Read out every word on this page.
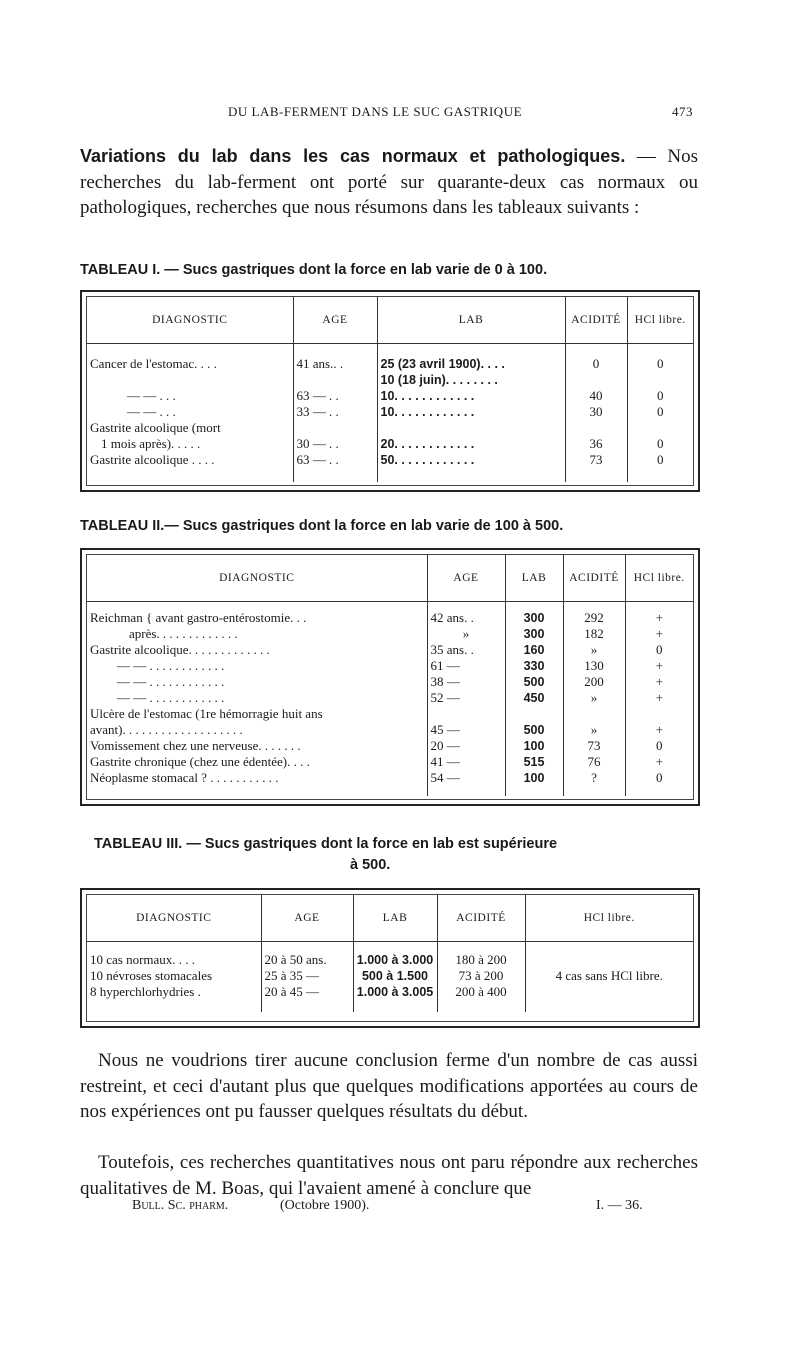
DU LAB-FERMENT DANS LE SUC GASTRIQUE	473
Variations du lab dans les cas normaux et pathologiques. — Nos recherches du lab-ferment ont porté sur quarante-deux cas normaux ou pathologiques, recherches que nous résumons dans les tableaux suivants :
TABLEAU I. — Sucs gastriques dont la force en lab varie de 0 à 100.
DIAGNOSTIC	AGE	LAB	ACIDITÉ	HCl libre.

Cancer de l'estomac. . . .	41 ans.. .	25 (23 avril 1900). . . .	0	0
		10 (18 juin). . . . . . . .		
— — . . .	63 — . .	10. . . . . . . . . . . .	40	0
— — . . .	33 — . .	10. . . . . . . . . . . .	30	0
Gastrite alcoolique (mort				
1 mois après). . . . .	30 — . .	20. . . . . . . . . . . .	36	0
Gastrite alcoolique . . . .	63 — . .	50. . . . . . . . . . . .	73	0

TABLEAU II.— Sucs gastriques dont la force en lab varie de 100 à 500.
DIAGNOSTIC	AGE	LAB	ACIDITÉ	HCl libre.

Reichman { avant gastro-entérostomie. . .	42 ans. .	300	292	+
après. . . . . . . . . . . . .	»	300	182	+
Gastrite alcoolique. . . . . . . . . . . . .	35 ans. .	160	»	0
— — . . . . . . . . . . . .	61 —	330	130	+
— — . . . . . . . . . . . .	38 —	500	200	+
— — . . . . . . . . . . . .	52 —	450	»	+
Ulcère de l'estomac (1re hémorragie huit ans				
avant). . . . . . . . . . . . . . . . . . .	45 —	500	»	+
Vomissement chez une nerveuse. . . . . . .	20 —	100	73	0
Gastrite chronique (chez une édentée). . . .	41 —	515	76	+
Néoplasme stomacal ? . . . . . . . . . . .	54 —	100	?	0

TABLEAU III. — Sucs gastriques dont la force en lab est supérieure
à 500.
DIAGNOSTIC	AGE	LAB	ACIDITÉ	HCl libre.

10 cas normaux. . . .	20 à 50 ans.	1.000 à 3.000	180 à 200	4 cas sans HCl libre.
10 névroses stomacales	25 à 35 —	500 à 1.500	73 à 200	
8 hyperchlorhydries .	20 à 45 —	1.000 à 3.005	200 à 400	

Nous ne voudrions tirer aucune conclusion ferme d'un nombre de cas aussi restreint, et ceci d'autant plus que quelques modifications apportées au cours de nos expériences ont pu fausser quelques résultats du début.
Toutefois, ces recherches quantitatives nous ont paru répondre aux recherches qualitatives de M. Boas, qui l'avaient amené à conclure que
Bull. Sc. pharm.	(Octobre 1900).	I. — 36.
